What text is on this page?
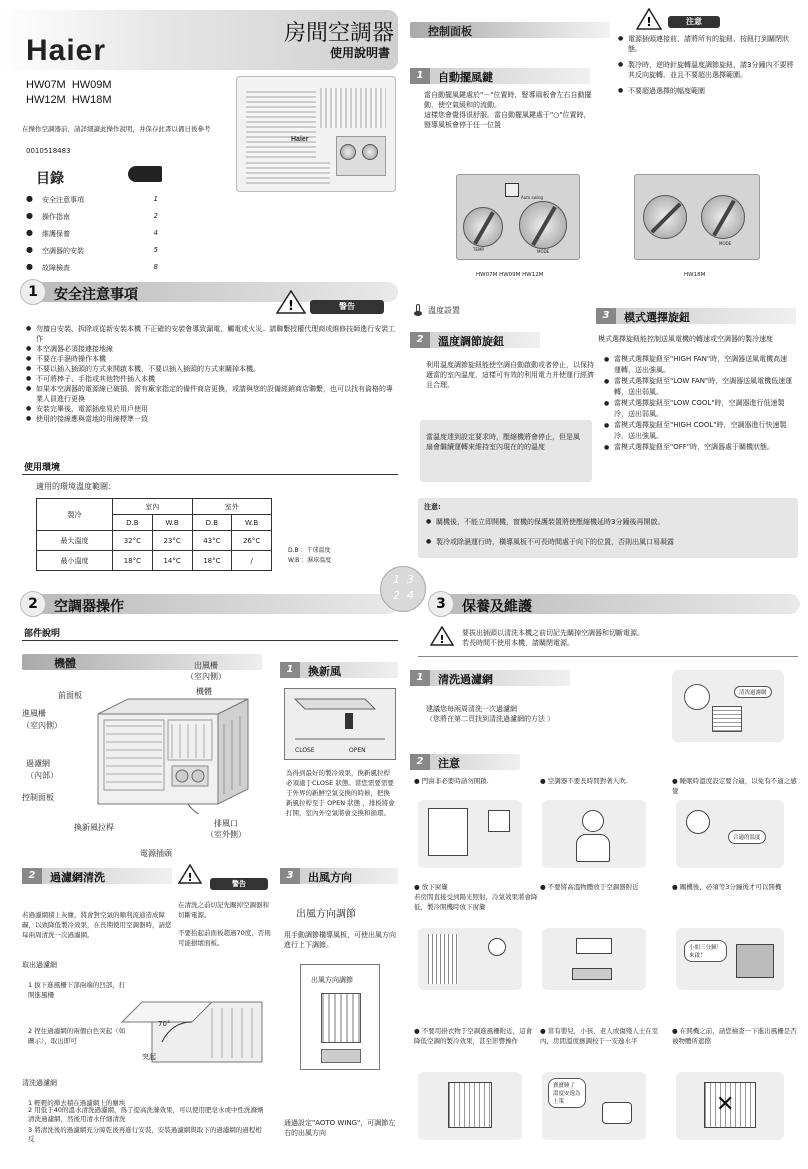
Haier
房間空調器
使用說明書
HW07M HW09M
HW12M HW18M
在操作空調器前，請詳細讀此操作說明，并保存此書以備日後參考
0010518483
Haier
目錄
● 安全注意事項	1
● 操作指南	2
● 維護保養	4
● 空調器的安裝	5
● 故障檢查	8
1	安全注意事項
!	警告
● 勿擅自安裝、拆除或從新安裝本機 不正確的安裝會導致漏電、觸電或火災。請聯繫授權代理商或維修技師進行安裝工作
● 本空調器必須接連接地線
● 不要在手濕時操作本機
● 不要以插入插頭的方式來開啟本機，不要以插入插頭的方式來關掉本機。
● 不可將棒子、手指或其他物件插入本機
● 如果本空調器的電源線已破損，需有廠家指定的備件商店更換，或請與您的設備經銷商店聯繫，也可以找有資格的專業人員進行更換
● 安裝完畢後，電源插座易於用戶使用
● 使用的接線應與當地的用線標準一致
使用環境
適用的環境溫度範圍：
製冷	室內		室外	
	D.B	W.B	D.B	W.B
最大溫度	32°C	23°C	43°C	26°C
最小溫度	18°C	14°C	18°C	/
D.B ：干球溫度
W.B ：濕球溫度
2	空調器操作
部件說明
機體	出風柵
（室內側）
機體
前面板
進風柵
（室內側）
過濾網
（內部）
控制面板
換新風拉桿	排風口
（室外側）
電源插頭
1	換新風
CLOSE	OPEN
為得到最好的製冷效果，換新風拉桿必須處于CLOSE 狀態。當您需要需要于外界的新鮮空氣交換的時候，把換新風拉桿至于 OPEN 狀態 ，排板將會打開，室內外空氣將會交換和循環。
2	過濾網清洗	!	警告
在清洗之前切記先關掉空調器和切斷電源。
不要拾起前面板超過70度，否則可能損壞面板。
若過濾網積上灰塵，將會對空氣的順利流通造成障礙，以致降低製冷效果，在長期使用空調器時，請您每兩周清洗一次過濾網。
取出過濾網
1 拔下進風柵下部兩端的凹部，打開進風柵
70°
突起
2 捏住過濾網的兩個白色突起（如圖示），取出即可
清洗過濾網
1 輕輕的撣去積在過濾網上的塵埃
2 用低于40的溫水清洗過濾網，爲了提高洗滌效果，可以使用肥皂水或中性洗滌劑清洗過濾網，然後用清水仔細清洗
3 將清洗後的過濾網充分晾乾後再進行安裝，安裝過濾網與取下的過濾網的過程相反
3	出風方向
出風方向調節
用手動調節橫導風板，可使出風方向進行上下調節。
出風方向調節
通過設定"AOTO WING"，可調節左右的出風方向
控制面板
1	自動擺風鍵
當自動擺風鍵處於"－"位置時，豎導風板會左右自動擺動，使空氣緩和的流動。
這樣您會覺得很舒服。當自動擺風鍵處于"○"位置時，豎導風板會停于任一位置
!	注意
● 電源插頭連接前，請將所有的旋鈕、按鈕打到關閉狀態。
● 製冷時，逆時針旋轉溫度調節旋鈕，請3分鐘內不要將其反向旋轉，並且不要超出選擇範圍。
● 不要超過選擇的幅度範圍
Auto swing
TEMP.	MODE
HW07M HW09M HW12M
MODE
HW18M
溫度設置
2	溫度調節旋鈕
利用溫度調節旋鈕能使空調自動啟動或者停止，以保持適當的室內溫度，這樣可有效的利用電力并使運行經濟且合理。
當溫度達到設定要求時，壓縮機將會停止，但是風扇會繼續運轉來維持室內現在的的溫度
3	模式選擇旋鈕
模式選擇旋鈕能控制送風電機的轉速或空調器的製冷速度
● 當模式選擇旋鈕至"HIGH FAN"時，空調器送風電機高速運轉，送出強風。
● 當模式選擇旋鈕至"LOW FAN"時，空調器送風電機低速運轉，送出弱風。
● 當模式選擇旋鈕至"LOW COOL"時，空調器進行低速製冷，送出弱風。
● 當模式選擇旋鈕至"HIGH COOL"時，空調器進行快速製冷，送出強風。
● 當模式選擇旋鈕至"OFF"時，空調器處于關機狀態。
注意:
● 關機後，不能立即開機，窗機的保護裝置將使壓縮機延時3分鐘後再開啟。
● 製冷或除濕運行時，橫導風板不可長時間處于向下的位置，否則出風口易凝露
1 3
2 4
3	保養及維護
! 要拔出插頭以清洗本機之前切記先關掉空調器和切斷電源。
若長時間不使用本機，請關閉電源。
1	清洗過濾網
建議您每兩周清洗一次過濾網
（您將在第二頁找到清洗過濾網的方法 ）
清洗過濾網
2	注意
● 門窗非必要時請勿開啟.	● 空調器不要長時間對著人吹.	● 睡眠時溫度設定要合適，以免有不適之感覺
合適的溫度
● 放下窗簾
若房間直接受到陽光照射，冷氣效果將會降低，製冷開機時放下窗簾
● 不要將高溫物體放于空調器附近	● 關機後、必須等3分鐘後才可以開機
小朋三分鐘！
來啟！
● 不要用掛衣物于空調進風柵附近，這會降低空調的製冷效果，甚至影響操作
● 當有嬰兒，小孩、老人或傷殘人士在室內，房間溫度應調校于一安逸水平
● 在開機之前，請您檢查一下進出風柵是否被物體所遮擋
寶寶睡了
溫度安逸為
上策	✕
